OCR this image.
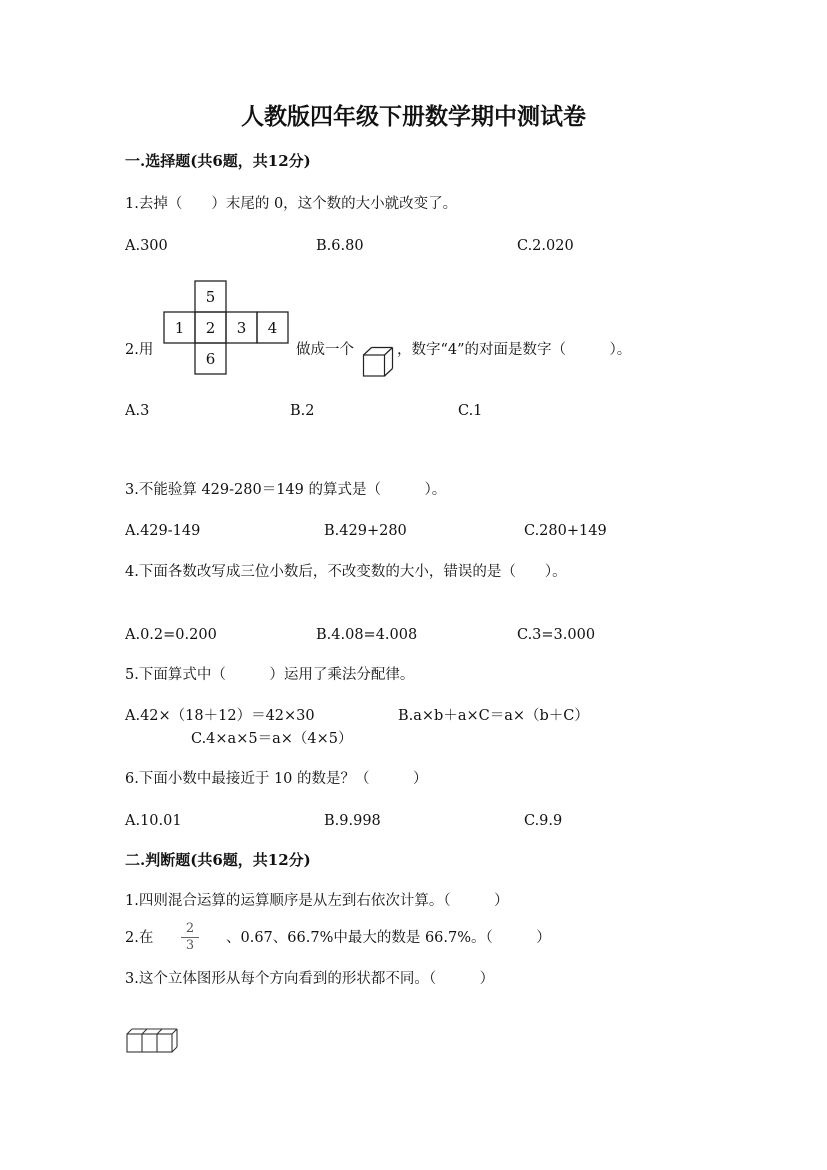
人教版四年级下册数学期中测试卷
一.选择题(共6题，共12分)
1.去掉（　　）末尾的 0，这个数的大小就改变了。
A.300	B.6.80	C.2.020
5
1 2 3 4
6
2.用	做成一个	，数字“4”的对面是数字（　　　）。
A.3	B.2	C.1
3.不能验算 429-280＝149 的算式是（　　　）。
A.429-149	B.429+280	C.280+149
4.下面各数改写成三位小数后，不改变数的大小，错误的是（　　）。
A.0.2=0.200	B.4.08=4.008	C.3=3.000
5.下面算式中（　　　）运用了乘法分配律。
A.42×（18＋12）＝42×30	B.a×b＋a×C＝a×（b＋C）
C.4×a×5＝a×（4×5）
6.下面小数中最接近于 10 的数是？（　　　）
A.10.01	B.9.998	C.9.9
二.判断题(共6题，共12分)
1.四则混合运算的运算顺序是从左到右依次计算。（　　　）
2.在
2
3	、0.67、66.7%中最大的数是 66.7%。（　　　）
3.这个立体图形从每个方向看到的形状都不同。（　　　）
